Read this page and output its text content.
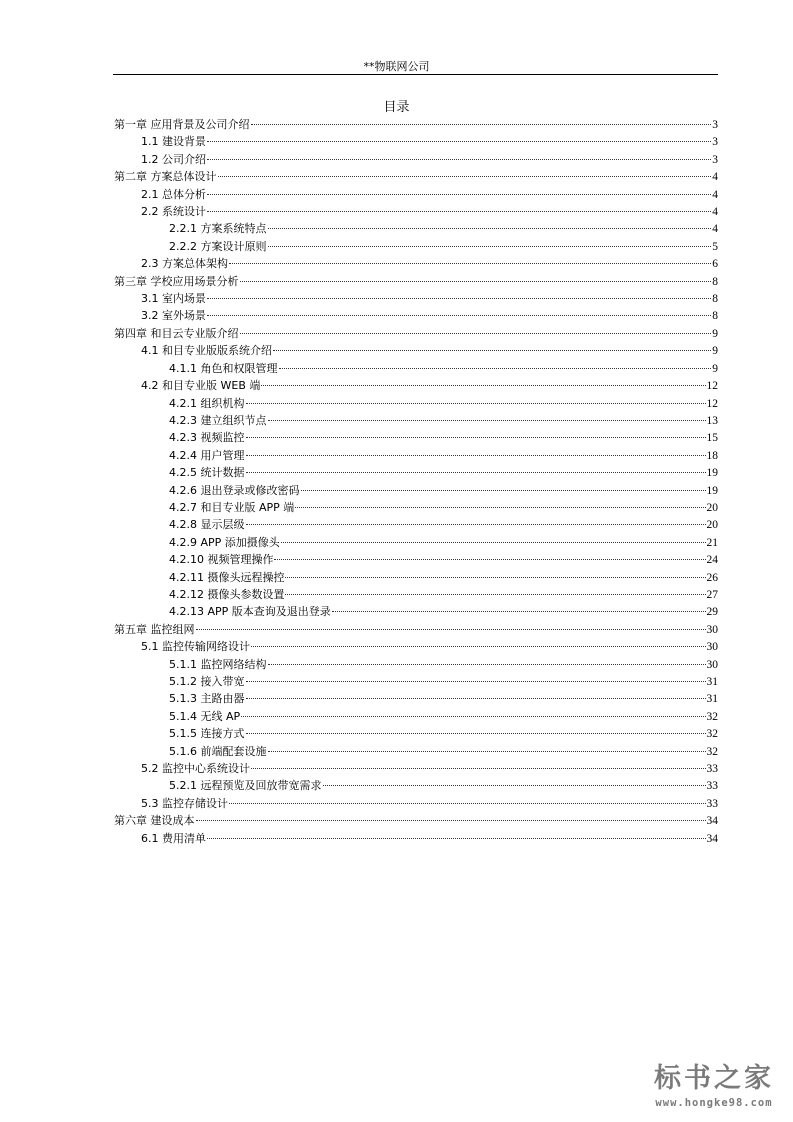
**物联网公司
目录
第一章 应用背景及公司介绍	3
1.1 建设背景	3
1.2 公司介绍	3
第二章 方案总体设计	4
2.1 总体分析	4
2.2 系统设计	4
2.2.1 方案系统特点	4
2.2.2 方案设计原则	5
2.3 方案总体架构	6
第三章 学校应用场景分析	8
3.1 室内场景	8
3.2 室外场景	8
第四章 和目云专业版介绍	9
4.1 和目专业版版系统介绍	9
4.1.1 角色和权限管理	9
4.2 和目专业版 WEB 端	12
4.2.1 组织机构	12
4.2.3 建立组织节点	13
4.2.3 视频监控	15
4.2.4 用户管理	18
4.2.5 统计数据	19
4.2.6 退出登录或修改密码	19
4.2.7 和目专业版 APP 端	20
4.2.8 显示层级	20
4.2.9 APP 添加摄像头	21
4.2.10 视频管理操作	24
4.2.11 摄像头远程操控	26
4.2.12 摄像头参数设置	27
4.2.13 APP 版本查询及退出登录	29
第五章 监控组网	30
5.1 监控传输网络设计	30
5.1.1 监控网络结构	30
5.1.2 接入带宽	31
5.1.3 主路由器	31
5.1.4 无线 AP	32
5.1.5 连接方式	32
5.1.6 前端配套设施	32
5.2 监控中心系统设计	33
5.2.1 远程预览及回放带宽需求	33
5.3 监控存储设计	33
第六章 建设成本	34
6.1 费用清单	34
标书之家
www.hongke98.com
